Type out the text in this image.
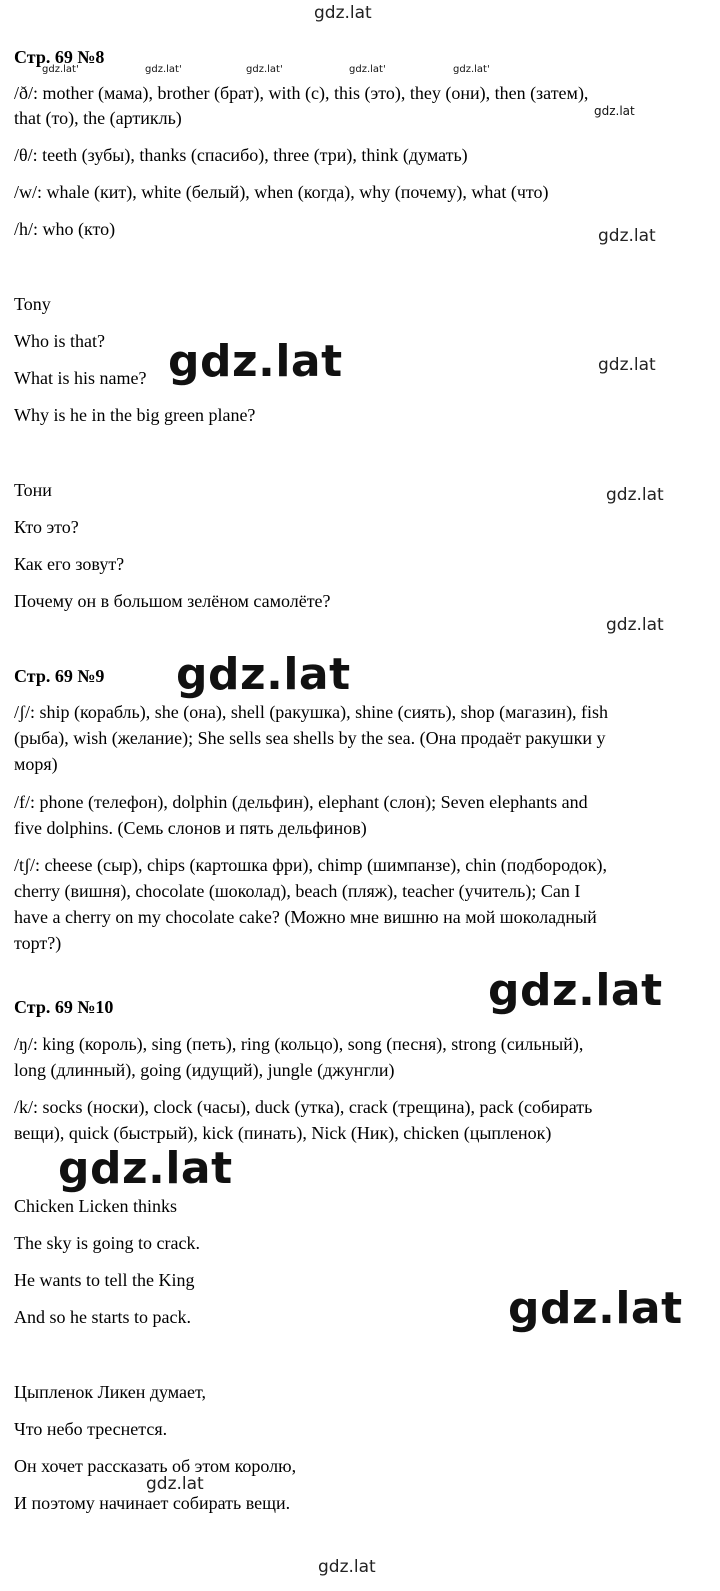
Стр. 69 №8
/ð/: mother (мама), brother (брат), with (с), this (это), they (они), then (затем),
that (то), the (артикль)
/θ/: teeth (зубы), thanks (спасибо), three (три), think (думать)
/w/: whale (кит), white (белый), when (когда), why (почему), what (что)
/h/: who (кто)
Tony
Who is that?
What is his name?
Why is he in the big green plane?
Тони
Кто это?
Как его зовут?
Почему он в большом зелёном самолёте?
Стр. 69 №9
/ʃ/: ship (корабль), she (она), shell (ракушка), shine (сиять), shop (магазин), fish
(рыба), wish (желание); She sells sea shells by the sea. (Она продаёт ракушки у
моря)
/f/: phone (телефон), dolphin (дельфин), elephant (слон); Seven elephants and
five dolphins. (Семь слонов и пять дельфинов)
/tʃ/: cheese (сыр), chips (картошка фри), chimp (шимпанзе), chin (подбородок),
cherry (вишня), chocolate (шоколад), beach (пляж), teacher (учитель); Can I
have a cherry on my chocolate cake? (Можно мне вишню на мой шоколадный
торт?)
Стр. 69 №10
/ŋ/: king (король), sing (петь), ring (кольцо), song (песня), strong (сильный),
long (длинный), going (идущий), jungle (джунгли)
/k/: socks (носки), clock (часы), duck (утка), crack (трещина), pack (собирать
вещи), quick (быстрый), kick (пинать), Nick (Ник), chicken (цыпленок)
Chicken Licken thinks
The sky is going to crack.
He wants to tell the King
And so he starts to pack.
Цыпленок Ликен думает,
Что небо треснется.
Он хочет рассказать об этом королю,
И поэтому начинает собирать вещи.
gdz.lat
gdz.lat'	gdz.lat'	gdz.lat'	gdz.lat'	gdz.lat'
gdz.lat
gdz.lat
gdz.lat	gdz.lat
gdz.lat
gdz.lat
gdz.lat
gdz.lat
gdz.lat
gdz.lat
gdz.lat
gdz.lat
